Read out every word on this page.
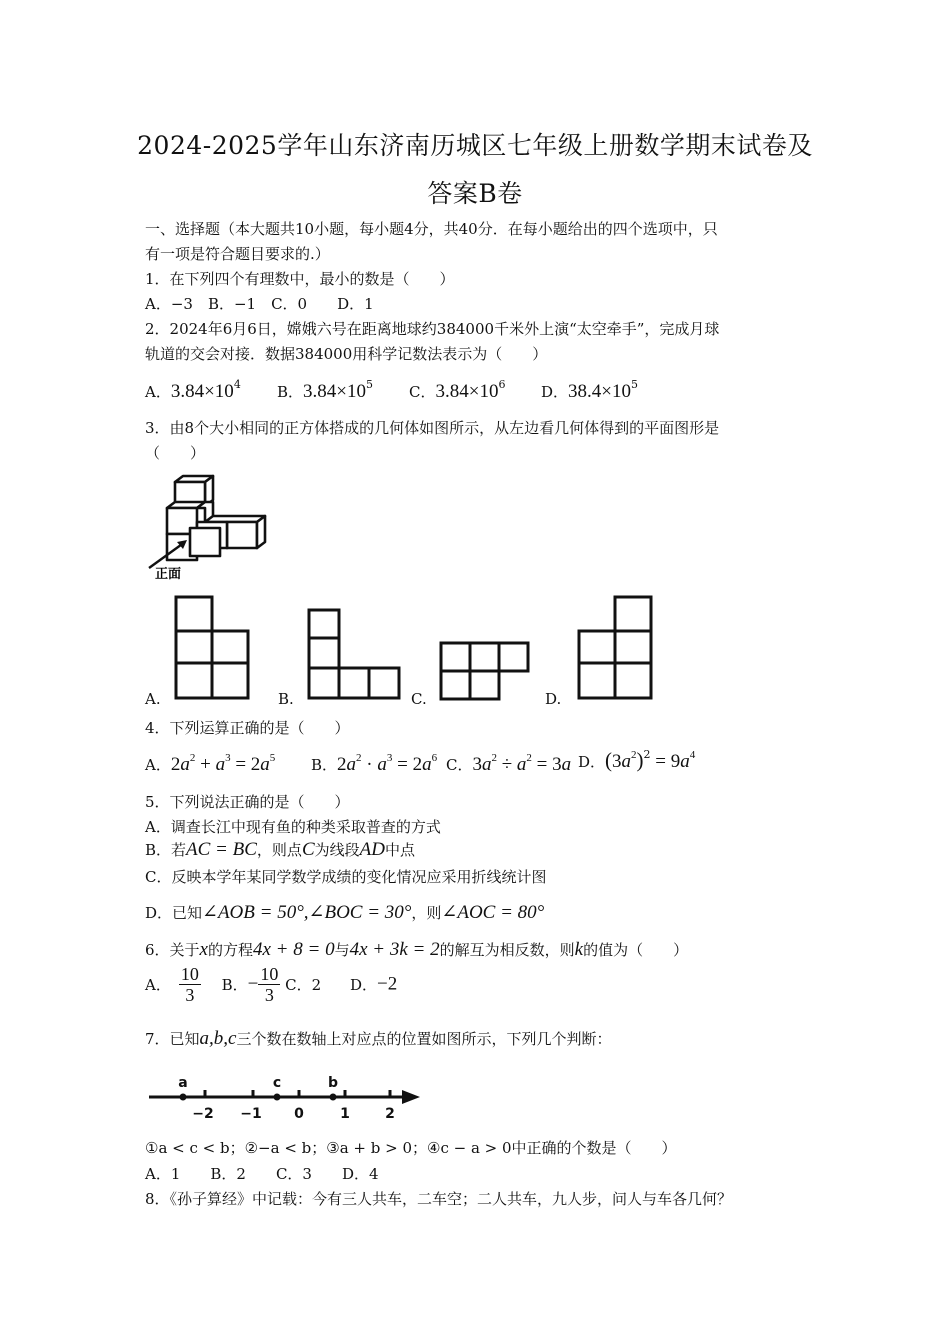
2024-2025学年山东济南历城区七年级上册数学期末试卷及
答案B卷
一、选择题（本大题共10小题，每小题4分，共40分．在每小题给出的四个选项中，只
有一项是符合题目要求的.）
1．在下列四个有理数中，最小的数是（　　）
A．−3　B．−1　C．0　　D．1
2．2024年6月6日，嫦娥六号在距离地球约384000千米外上演“太空牵手”，完成月球
轨道的交会对接．数据384000用科学记数法表示为（　　）
A．$3.84\times 10^4$ B．$3.84\times 10^5$ C．$3.84\times 10^6$ D．$38.4\times 10^5$
3．由8个大小相同的正方体搭成的几何体如图所示，从左边看几何体得到的平面图形是
（　　）
正面
A.	B.	C.	D.
4．下列运算正确的是（　　）
A．$2a^2 + a^3 = 2a^5$ B．$2a^2 \cdot a^3 = 2a^6$ C．$3a^2 \div a^2 = 3a$ D．$(3a^2)^2 = 9a^4$
5．下列说法正确的是（　　）
A．调查长江中现有鱼的种类采取普查的方式
B．若AC = BC，则点C为线段AD中点
C．反映本学年某同学数学成绩的变化情况应采用折线统计图
D．已知∠AOB = 50°,∠BOC = 30°，则∠AOC = 80°
6．关于x的方程4x + 8 = 0与4x + 3k = 2的解互为相反数，则k的值为（　　）
A． $\frac{10}{3}$ B．− $\frac{10}{3}$ C．2 D．−2
7．已知a,b,c三个数在数轴上对应点的位置如图所示，下列几个判断：
a	c	b
−2 −1 0	1	2
①a < c < b；②−a < b；③a + b > 0；④c − a > 0中正确的个数是（　　）
A．1　　B．2　　C．3　　D．4
8．《孙子算经》中记载：今有三人共车，二车空；二人共车，九人步，问人与车各几何？
